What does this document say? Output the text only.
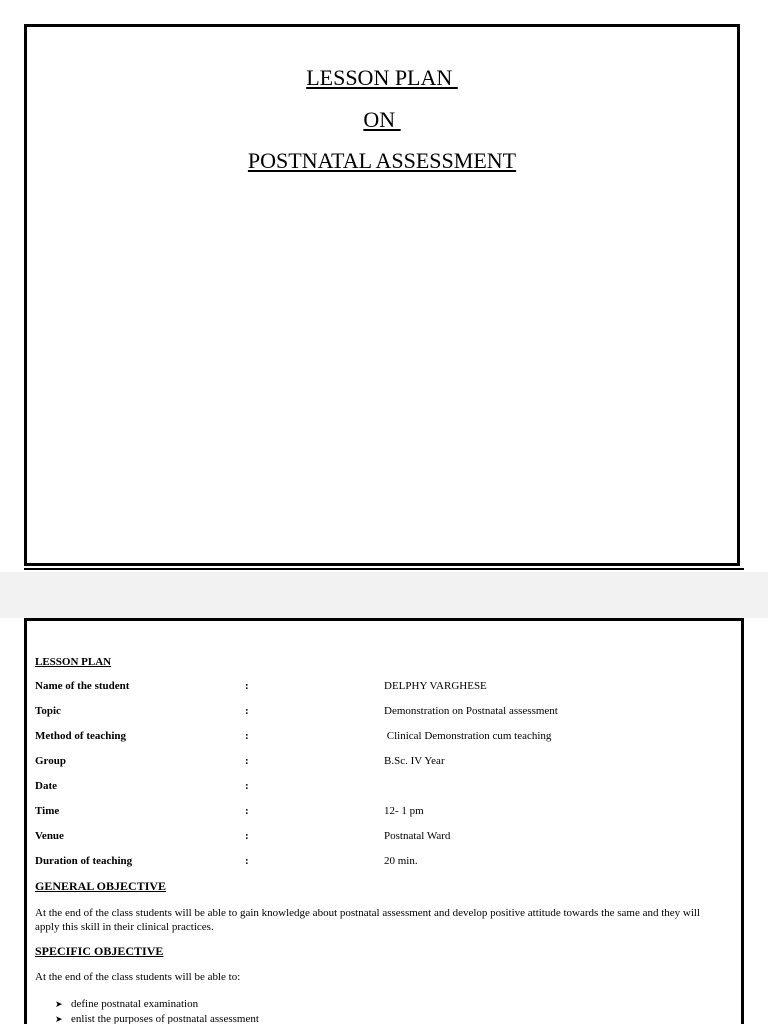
LESSON PLAN
ON
POSTNATAL ASSESSMENT
LESSON PLAN
Name of the student	:	DELPHY VARGHESE
Topic	:	Demonstration on Postnatal assessment
Method of teaching	:	Clinical Demonstration cum teaching
Group	:	B.Sc. IV Year
Date	:
Time	:	12- 1 pm
Venue	:	Postnatal Ward
Duration of teaching	:	20 min.
GENERAL OBJECTIVE
At the end of the class students will be able to gain knowledge about postnatal assessment and develop positive attitude towards the same and they will apply this skill in their clinical practices.
SPECIFIC OBJECTIVE
At the end of the class students will be able to:
➤ define postnatal examination
➤ enlist the purposes of postnatal assessment
